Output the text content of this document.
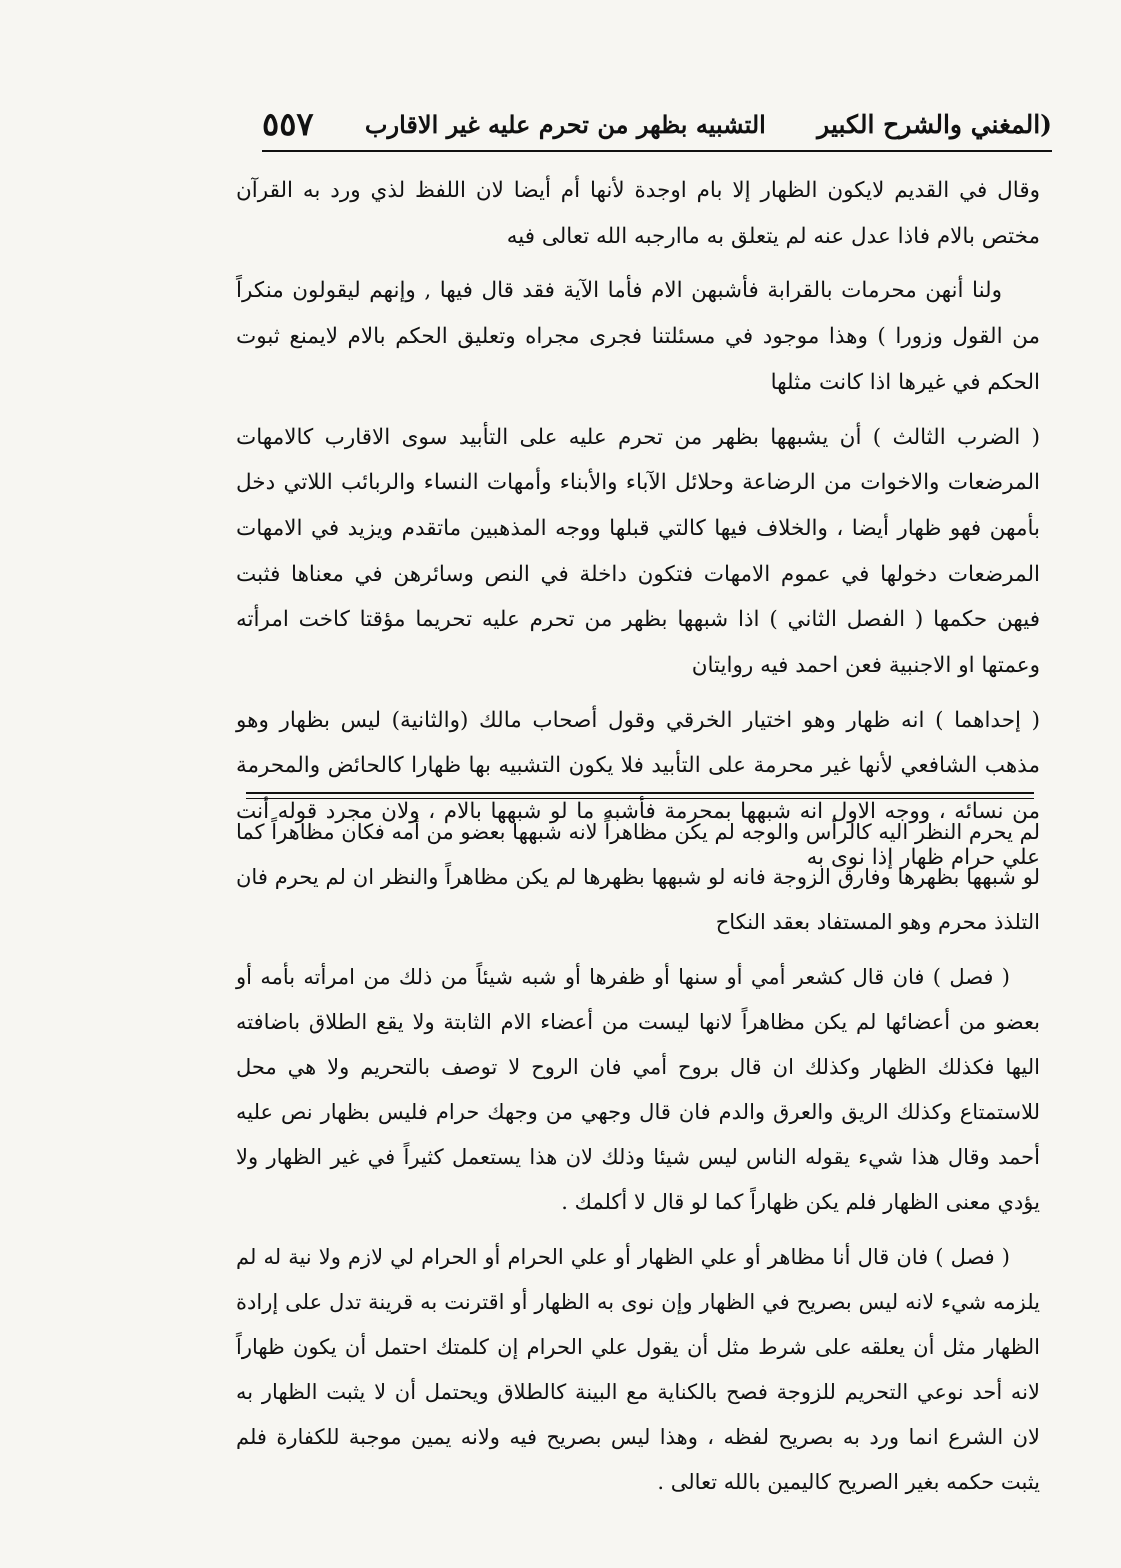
(المغني والشرح الكبير
التشبيه بظهر من تحرم عليه غير الاقارب
٥٥٧

وقال في القديم لايكون الظهار إلا بام اوجدة لأنها أم أيضا لان اللفظ لذي ورد به القرآن مختص بالام فاذا عدل عنه لم يتعلق به ماارجبه الله تعالى فيه

ولنا أنهن محرمات بالقرابة فأشبهن الام فأما الآية فقد قال فيها , وإنهم ليقولون منكراً من القول وزورا ) وهذا موجود في مسئلتنا فجرى مجراه وتعليق الحكم بالام لايمنع ثبوت الحكم في غيرها اذا كانت مثلها

( الضرب الثالث ) أن يشبهها بظهر من تحرم عليه على التأبيد سوى الاقارب كالامهات المرضعات والاخوات من الرضاعة وحلائل الآباء والأبناء وأمهات النساء والربائب اللاتي دخل بأمهن فهو ظهار أيضا ، والخلاف فيها كالتي قبلها ووجه المذهبين ماتقدم ويزيد في الامهات المرضعات دخولها في عموم الامهات فتكون داخلة في النص وسائرهن في معناها فثبت فيهن حكمها ( الفصل الثاني ) اذا شبهها بظهر من تحرم عليه تحريما مؤقتا كاخت امرأته وعمتها او الاجنبية فعن احمد فيه روايتان

( إحداهما ) انه ظهار وهو اختيار الخرقي وقول أصحاب مالك (والثانية) ليس بظهار وهو مذهب الشافعي لأنها غير محرمة على التأبيد فلا يكون التشبيه بها ظهارا كالحائض والمحرمة من نسائه ، ووجه الاول انه شبهها بمحرمة فأشبه ما لو شبهها بالام ، ولان مجرد قوله أنت علي حرام ظهار إذا نوى به

لم يحرم النظر اليه كالرأس والوجه لم يكن مظاهراً لانه شبهها بعضو من أمه فكان مظاهراً كما لو شبهها بظهرها وفارق الزوجة فانه لو شبهها بظهرها لم يكن مظاهراً والنظر ان لم يحرم فان التلذذ محرم وهو المستفاد بعقد النكاح

( فصل ) فان قال كشعر أمي أو سنها أو ظفرها أو شبه شيئاً من ذلك من امرأته بأمه أو بعضو من أعضائها لم يكن مظاهراً لانها ليست من أعضاء الام الثابتة ولا يقع الطلاق باضافته اليها فكذلك الظهار وكذلك ان قال بروح أمي فان الروح لا توصف بالتحريم ولا هي محل للاستمتاع وكذلك الريق والعرق والدم فان قال وجهي من وجهك حرام فليس بظهار نص عليه أحمد وقال هذا شيء يقوله الناس ليس شيئا وذلك لان هذا يستعمل كثيراً في غير الظهار ولا يؤدي معنى الظهار فلم يكن ظهاراً كما لو قال لا أكلمك .

( فصل ) فان قال أنا مظاهر أو علي الظهار أو علي الحرام أو الحرام لي لازم ولا نية له لم يلزمه شيء لانه ليس بصريح في الظهار وإن نوى به الظهار أو اقترنت به قرينة تدل على إرادة الظهار مثل أن يعلقه على شرط مثل أن يقول علي الحرام إن كلمتك احتمل أن يكون ظهاراً لانه أحد نوعي التحريم للزوجة فصح بالكناية مع البينة كالطلاق ويحتمل أن لا يثبت الظهار به لان الشرع انما ورد به بصريح لفظه ، وهذا ليس بصريح فيه ولانه يمين موجبة للكفارة فلم يثبت حكمه بغير الصريح كاليمين بالله تعالى .
